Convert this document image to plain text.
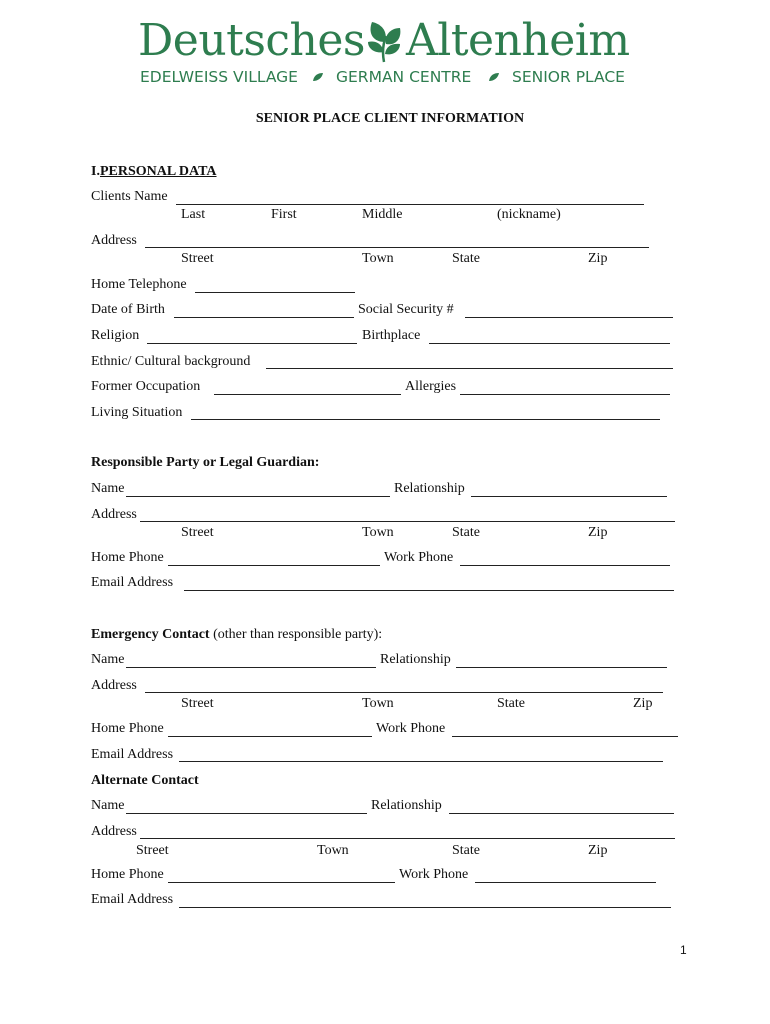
Deutsches Altenheim
EDELWEISS VILLAGE GERMAN CENTRE	SENIOR PLACE
SENIOR PLACE CLIENT INFORMATION
I.PERSONAL DATA
Clients Name
Last	First	Middle	(nickname)
Address
Street	Town	State	Zip
Home Telephone
Date of Birth	Social Security #
Religion	Birthplace
Ethnic/ Cultural background
Former Occupation	Allergies
Living Situation
Responsible Party or Legal Guardian:
Name	Relationship
Address
Street	Town	State	Zip
Home Phone	Work Phone
Email Address
Emergency Contact (other than responsible party):
Name	Relationship
Address
Street	Town	State	Zip
Home Phone	Work Phone
Email Address
Alternate Contact
Name	Relationship
Address
Street	Town	State	Zip
Home Phone	Work Phone
Email Address
1
